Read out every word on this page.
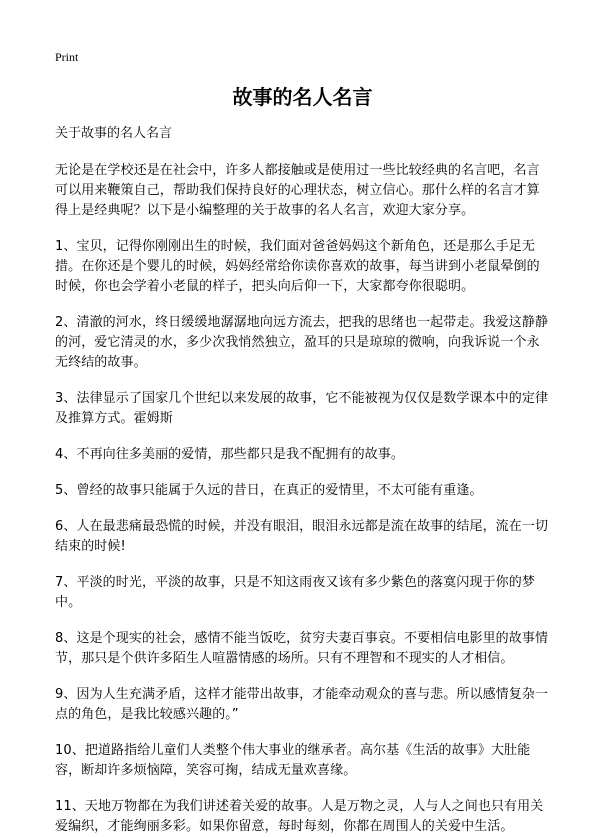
Print
故事的名人名言
关于故事的名人名言
无论是在学校还是在社会中，许多人都接触或是使用过一些比较经典的名言吧，名言可以用来鞭策自己，帮助我们保持良好的心理状态，树立信心。那什么样的名言才算得上是经典呢？以下是小编整理的关于故事的名人名言，欢迎大家分享。
1、宝贝，记得你刚刚出生的时候，我们面对爸爸妈妈这个新角色，还是那么手足无措。在你还是个婴儿的时候，妈妈经常给你读你喜欢的故事，每当讲到小老鼠晕倒的时候，你也会学着小老鼠的样子，把头向后仰一下，大家都夸你很聪明。
2、清澈的河水，终日缓缓地潺潺地向远方流去，把我的思绪也一起带走。我爱这静静的河，爱它清灵的水，多少次我悄然独立，盈耳的只是琼琼的微响，向我诉说一个永无终结的故事。
3、法律显示了国家几个世纪以来发展的故事，它不能被视为仅仅是数学课本中的定律及推算方式。霍姆斯
4、不再向往多美丽的爱情，那些都只是我不配拥有的故事。
5、曾经的故事只能属于久远的昔日，在真正的爱情里，不太可能有重逢。
6、人在最悲痛最恐慌的时候，并没有眼泪，眼泪永远都是流在故事的结尾，流在一切结束的时候!
7、平淡的时光，平淡的故事，只是不知这雨夜又该有多少紫色的落寞闪现于你的梦中。
8、这是个现实的社会，感情不能当饭吃，贫穷夫妻百事哀。不要相信电影里的故事情节，那只是个供许多陌生人喧嚣情感的场所。只有不理智和不现实的人才相信。
9、因为人生充满矛盾，这样才能带出故事，才能牵动观众的喜与悲。所以感情复杂一点的角色，是我比较感兴趣的。”
10、把道路指给儿童们人类整个伟大事业的继承者。高尔基《生活的故事》大肚能容，断却许多烦恼障，笑容可掬，结成无量欢喜缘。
11、天地万物都在为我们讲述着关爱的故事。人是万物之灵，人与人之间也只有用关爱编织，才能绚丽多彩。如果你留意，每时每刻，你都在周围人的关爱中生活。
